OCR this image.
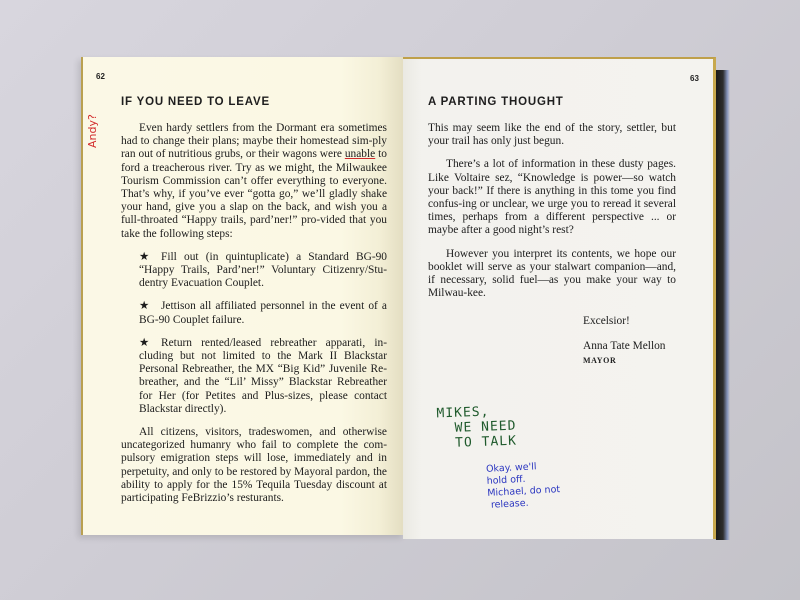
62
IF YOU NEED TO LEAVE
Andy?	Even hardy settlers from the Dormant era sometimes had to change their plans; maybe their homestead sim-ply ran out of nutritious grubs, or their wagons were unable to ford a treacherous river. Try as we might, the Milwaukee Tourism Commission can’t offer everything to everyone. That’s why, if you’ve ever “gotta go,” we’ll gladly shake your hand, give you a slap on the back, and wish you a full-throated “Happy trails, pard’ner!” pro-vided that you take the following steps:

★ Fill out (in quintuplicate) a Standard BG-90 “Happy Trails, Pard’ner!” Voluntary Citizenry/Stu-dentry Evacuation Couplet.

★ Jettison all affiliated personnel in the event of a BG-90 Couplet failure.

★ Return rented/leased rebreather apparati, in-cluding but not limited to the Mark II Blackstar Personal Rebreather, the MX “Big Kid” Juvenile Re-breather, and the “Lil’ Missy” Blackstar Rebreather for Her (for Petites and Plus-sizes, please contact Blackstar directly).

All citizens, visitors, tradeswomen, and otherwise uncategorized humanry who fail to complete the com-pulsory emigration steps will lose, immediately and in perpetuity, and only to be restored by Mayoral pardon, the ability to apply for the 15% Tequila Tuesday discount at participating FeBrizzio’s resturants.

63
A PARTING THOUGHT

This may seem like the end of the story, settler, but your trail has only just begun.

There’s a lot of information in these dusty pages. Like Voltaire sez, “Knowledge is power—so watch your back!” If there is anything in this tome you find confus-ing or unclear, we urge you to reread it several times, perhaps from a different perspective ... or maybe after a good night’s rest?

However you interpret its contents, we hope our booklet will serve as your stalwart companion—and, if necessary, solid fuel—as you make your way to Milwau-kee.

Excelsior!
Anna Tate Mellon
MAYOR
MIKES,
WE NEED
TO TALK
Okay. we'll
hold off.
Michael, do not
release.
